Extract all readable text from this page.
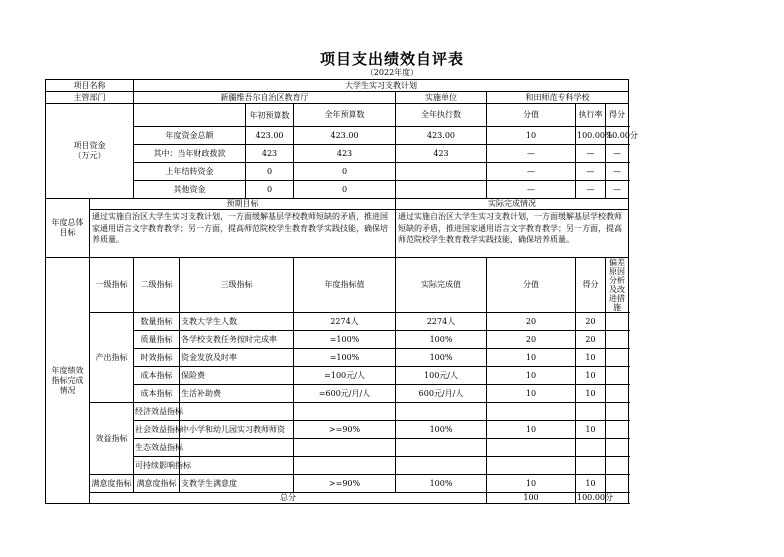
项目支出绩效自评表
（2022年度）
项目名称		大学生实习支教计划							
主管部门		新疆维吾尔自治区教育厅				实施单位	和田师范专科学校		
项目资金
（万元）				年初预算数	全年预算数	全年执行数	分值	执行率	得分
		年度资金总额		423.00	423.00	423.00	10	100.00%	10.00分
		其中：当年财政拨款		423	423	423	—	—	—
		上年结转资金		0	0		—	—	—
		其他资金		0	0		—	—	—
年度总体
目标	预期目标					实际完成情况			
	通过实施自治区大学生实习支教计划，一方面缓解基层学校教师短缺的矛盾，推进国家通用语言文字教育教学；另一方面，提高师范院校学生教育教学实践技能，确保培养质量。					通过实施自治区大学生实习支教计划，一方面缓解基层学校教师短缺的矛盾，推进国家通用语言文字教育教学；另一方面，提高师范院校学生教育教学实践技能，确保培养质量。			
年度绩效
指标完成
情况	一级指标	二级指标	三级指标		年度指标值	实际完成值	分值	得分	偏差原因分析及改进措施
	产出指标	数量指标	支教大学生人数		2274人	2274人	20	20	
		质量指标	各学校支教任务按时完成率		=100%	100%	20	20	
		时效指标	资金发放及时率		=100%	100%	10	10	
		成本指标	保险费		=100元/人	100元/人	10	10	
		成本指标	生活补助费		=600元/月/人	600元/月/人	10	10	
	效益指标	经济效益指标							
		社会效益指标	中小学和幼儿园实习教师师资		>=90%	100%	10	10	
		生态效益指标							
		可持续影响指标							
	满意度指标	满意度指标	支教学生满意度		>=90%	100%	10	10	
	总分						100	100.00分	
